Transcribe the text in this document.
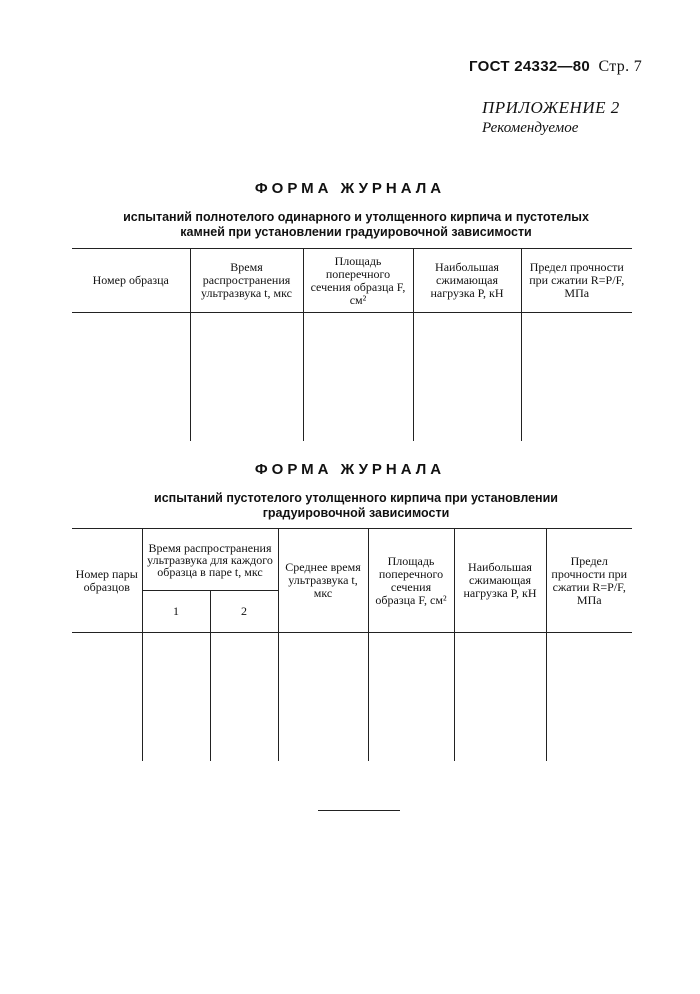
ГОСТ 24332—80 Стр. 7
ПРИЛОЖЕНИЕ 2
Рекомендуемое
ФОРМА ЖУРНАЛА
испытаний полнотелого одинарного и утолщенного кирпича и пустотелых
камней при установлении градуировочной зависимости
Номер образца	Время распространения ультразвука t, мкс	Площадь поперечного сечения образца F, см²	Наибольшая сжимающая нагрузка P, кН	Предел прочности при сжатии R=P/F, МПа

ФОРМА ЖУРНАЛА
испытаний пустотелого утолщенного кирпича при установлении
градуировочной зависимости
Номер пары образцов	Время распространения ультразвука для каждого образца в паре t, мкс		Среднее время ультразвука t, мкс	Площадь поперечного сечения образца F, см²	Наибольшая сжимающая нагрузка P, кН	Предел прочности при сжатии R=P/F, МПа
	1	2				
